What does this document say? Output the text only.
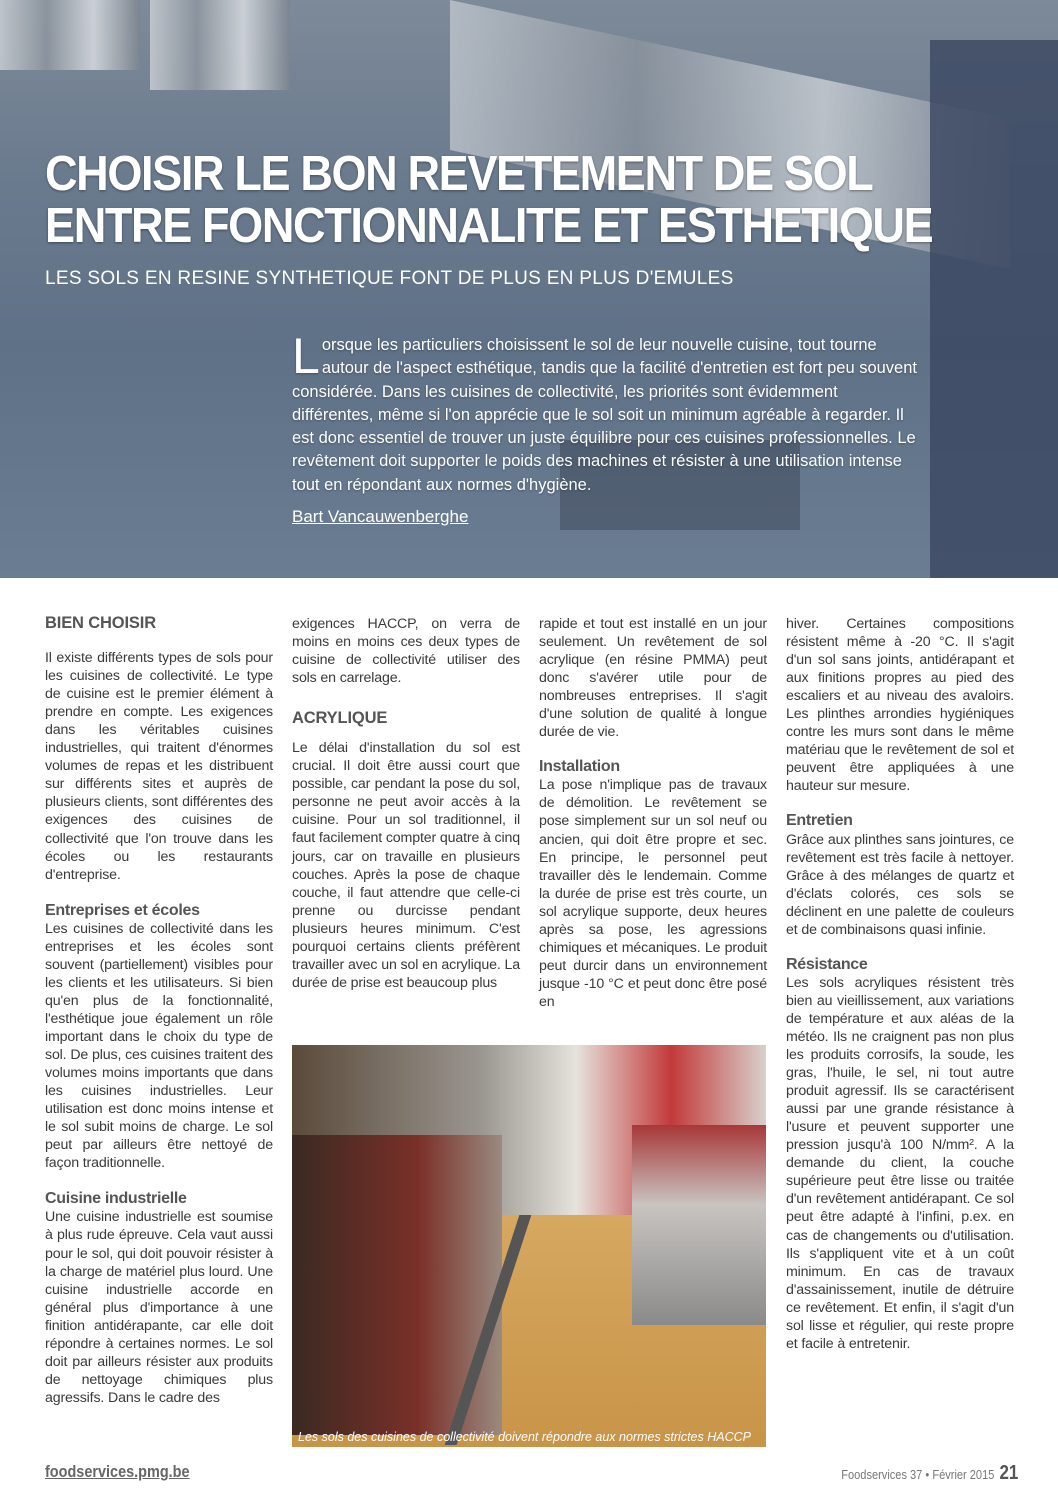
CHOISIR LE BON REVETEMENT DE SOL
ENTRE FONCTIONNALITE ET ESTHETIQUE
LES SOLS EN RESINE SYNTHETIQUE FONT DE PLUS EN PLUS D'EMULES
Lorsque les particuliers choisissent le sol de leur nouvelle cuisine, tout tourne autour de l'aspect esthétique, tandis que la facilité d'entretien est fort peu souvent considérée. Dans les cuisines de collectivité, les priorités sont évidemment différentes, même si l'on apprécie que le sol soit un minimum agréable à regarder. Il est donc essentiel de trouver un juste équilibre pour ces cuisines professionnelles. Le revêtement doit supporter le poids des machines et résister à une utilisation intense tout en répondant aux normes d'hygiène.
Bart Vancauwenberghe
BIEN CHOISIR

Il existe différents types de sols pour les cuisines de collectivité. Le type de cuisine est le premier élément à prendre en compte. Les exigences dans les véritables cuisines industrielles, qui traitent d'énormes volumes de repas et les distribuent sur différents sites et auprès de plusieurs clients, sont différentes des exigences des cuisines de collectivité que l'on trouve dans les écoles ou les restaurants d'entreprise.

Entreprises et écoles

Les cuisines de collectivité dans les entreprises et les écoles sont souvent (partiellement) visibles pour les clients et les utilisateurs. Si bien qu'en plus de la fonctionnalité, l'esthétique joue également un rôle important dans le choix du type de sol. De plus, ces cuisines traitent des volumes moins importants que dans les cuisines industrielles. Leur utilisation est donc moins intense et le sol subit moins de charge. Le sol peut par ailleurs être nettoyé de façon traditionnelle.

Cuisine industrielle

Une cuisine industrielle est soumise à plus rude épreuve. Cela vaut aussi pour le sol, qui doit pouvoir résister à la charge de matériel plus lourd. Une cuisine industrielle accorde en général plus d'importance à une finition antidérapante, car elle doit répondre à certaines normes. Le sol doit par ailleurs résister aux produits de nettoyage chimiques plus agressifs. Dans le cadre des

exigences HACCP, on verra de moins en moins ces deux types de cuisine de collectivité utiliser des sols en carrelage.

ACRYLIQUE

Le délai d'installation du sol est crucial. Il doit être aussi court que possible, car pendant la pose du sol, personne ne peut avoir accès à la cuisine. Pour un sol traditionnel, il faut facilement compter quatre à cinq jours, car on travaille en plusieurs couches. Après la pose de chaque couche, il faut attendre que celle-ci prenne ou durcisse pendant plusieurs heures minimum. C'est pourquoi certains clients préfèrent travailler avec un sol en acrylique. La durée de prise est beaucoup plus

rapide et tout est installé en un jour seulement. Un revêtement de sol acrylique (en résine PMMA) peut donc s'avérer utile pour de nombreuses entreprises. Il s'agit d'une solution de qualité à longue durée de vie.

Installation

La pose n'implique pas de travaux de démolition. Le revêtement se pose simplement sur un sol neuf ou ancien, qui doit être propre et sec. En principe, le personnel peut travailler dès le lendemain. Comme la durée de prise est très courte, un sol acrylique supporte, deux heures après sa pose, les agressions chimiques et mécaniques. Le produit peut durcir dans un environnement jusque -10 °C et peut donc être posé en

hiver. Certaines compositions résistent même à -20 °C. Il s'agit d'un sol sans joints, antidérapant et aux finitions propres au pied des escaliers et au niveau des avaloirs. Les plinthes arrondies hygiéniques contre les murs sont dans le même matériau que le revêtement de sol et peuvent être appliquées à une hauteur sur mesure.

Entretien

Grâce aux plinthes sans jointures, ce revêtement est très facile à nettoyer. Grâce à des mélanges de quartz et d'éclats colorés, ces sols se déclinent en une palette de couleurs et de combinaisons quasi infinie.

Résistance

Les sols acryliques résistent très bien au vieillissement, aux variations de température et aux aléas de la météo. Ils ne craignent pas non plus les produits corrosifs, la soude, les gras, l'huile, le sel, ni tout autre produit agressif. Ils se caractérisent aussi par une grande résistance à l'usure et peuvent supporter une pression jusqu'à 100 N/mm². A la demande du client, la couche supérieure peut être lisse ou traitée d'un revêtement antidérapant. Ce sol peut être adapté à l'infini, p.ex. en cas de changements ou d'utilisation. Ils s'appliquent vite et à un coût minimum. En cas de travaux d'assainissement, inutile de détruire ce revêtement. Et enfin, il s'agit d'un sol lisse et régulier, qui reste propre et facile à entretenir.

Les sols des cuisines de collectivité doivent répondre aux normes strictes HACCP
foodservices.pmg.be	Foodservices 37 • Février 2015 21
